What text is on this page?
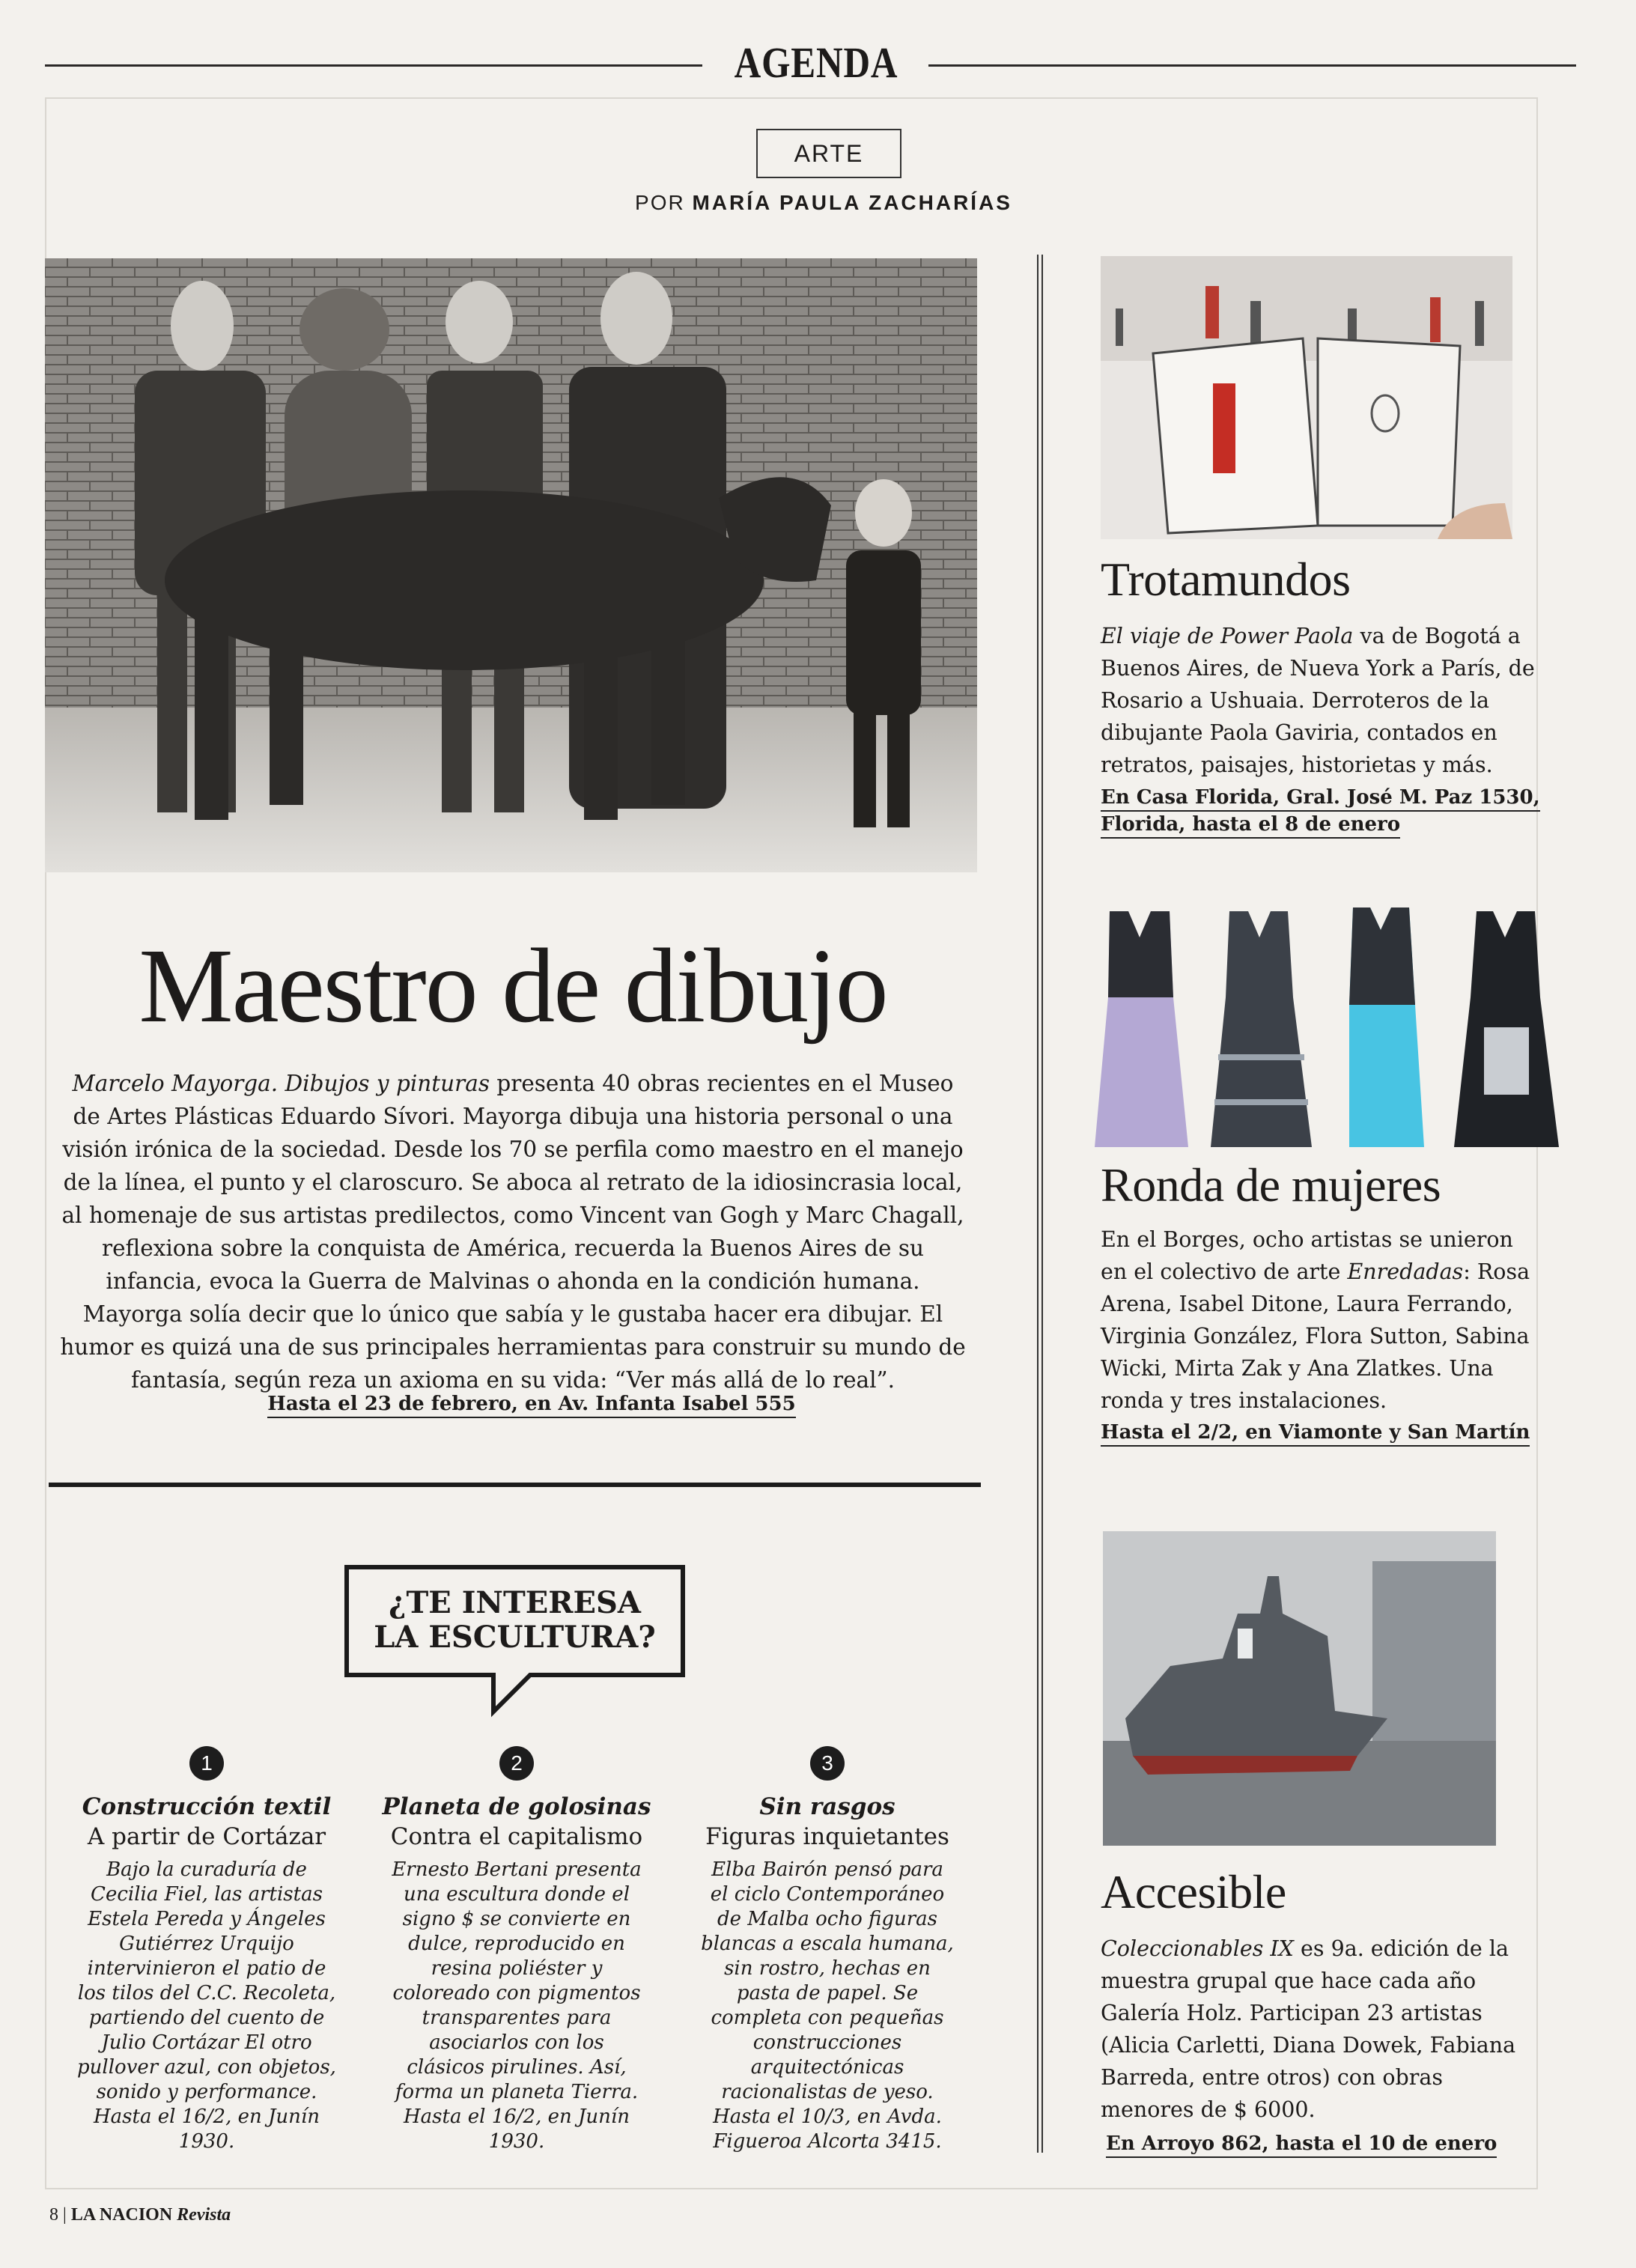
AGENDA
ARTE
POR MARÍA PAULA ZACHARÍAS
Maestro de dibujo

Marcelo Mayorga. Dibujos y pinturas presenta 40 obras recientes en el Museo de Artes Plásticas Eduardo Sívori. Mayorga dibuja una historia personal o una visión irónica de la sociedad. Desde los 70 se perfila como maestro en el manejo de la línea, el punto y el claroscuro. Se aboca al retrato de la idiosincrasia local, al homenaje de sus artistas predilectos, como Vincent van Gogh y Marc Chagall, reflexiona sobre la conquista de América, recuerda la Buenos Aires de su infancia, evoca la Guerra de Malvinas o ahonda en la condición humana. Mayorga solía decir que lo único que sabía y le gustaba hacer era dibujar. El humor es quizá una de sus principales herramientas para construir su mundo de fantasía, según reza un axioma en su vida: “Ver más allá de lo real”.

Hasta el 23 de febrero, en Av. Infanta Isabel 555
¿TE INTERESA
LA ESCULTURA?
1	2	3
Construcción textil
A partir de Cortázar
Bajo la curaduría de Cecilia Fiel, las artistas Estela Pereda y Ángeles Gutiérrez Urquijo intervinieron el patio de los tilos del C.C. Recoleta, partiendo del cuento de Julio Cortázar El otro pullover azul, con objetos, sonido y performance. Hasta el 16/2, en Junín 1930.
Planeta de golosinas
Contra el capitalismo
Ernesto Bertani presenta una escultura donde el signo $ se convierte en dulce, reproducido en resina poliéster y coloreado con pigmentos transparentes para asociarlos con los clásicos pirulines. Así, forma un planeta Tierra. Hasta el 16/2, en Junín 1930.
Sin rasgos
Figuras inquietantes
Elba Bairón pensó para el ciclo Contemporáneo de Malba ocho figuras blancas a escala humana, sin rostro, hechas en pasta de papel. Se completa con pequeñas construcciones arquitectónicas racionalistas de yeso. Hasta el 10/3, en Avda. Figueroa Alcorta 3415.
Trotamundos

El viaje de Power Paola va de Bogotá a Buenos Aires, de Nueva York a París, de Rosario a Ushuaia. Derroteros de la dibujante Paola Gaviria, contados en retratos, paisajes, historietas y más.

En Casa Florida, Gral. José M. Paz 1530,
Florida, hasta el 8 de enero
Ronda de mujeres

En el Borges, ocho artistas se unieron en el colectivo de arte Enredadas: Rosa Arena, Isabel Ditone, Laura Ferrando, Virginia González, Flora Sutton, Sabina Wicki, Mirta Zak y Ana Zlatkes. Una ronda y tres instalaciones.

Hasta el 2/2, en Viamonte y San Martín
Accesible

Coleccionables IX es 9a. edición de la muestra grupal que hace cada año Galería Holz. Participan 23 artistas (Alicia Carletti, Diana Dowek, Fabiana Barreda, entre otros) con obras menores de $ 6000.

En Arroyo 862, hasta el 10 de enero
8 | LA NACION Revista
